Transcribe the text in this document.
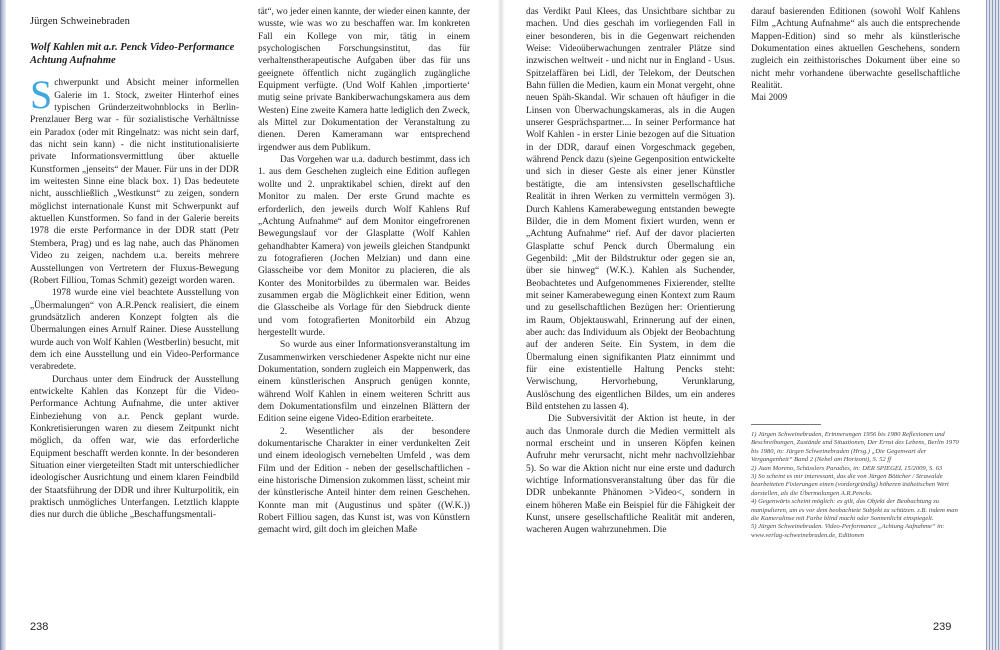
Jürgen Schweinebraden

Wolf Kahlen mit a.r. Penck Video-Performance Achtung Aufnahme

Schwerpunkt und Absicht meiner informellen Galerie im 1. Stock, zweiter Hinterhof eines typischen Gründerzeitwohnblocks in Berlin-Prenzlauer Berg war - für sozialistische Verhältnisse ein Paradox (oder mit Ringelnatz: was nicht sein darf, das nicht sein kann) - die nicht institutionalisierte private Informationsvermittlung über aktuelle Kunstformen „jenseits“ der Mauer. Für uns in der DDR im weitesten Sinne eine black box. 1) Das bedeutete nicht, ausschließlich „Westkunst“ zu zeigen, sondern möglichst internationale Kunst mit Schwerpunkt auf aktuellen Kunstformen. So fand in der Galerie bereits 1978 die erste Performance in der DDR statt (Petr Stembera, Prag) und es lag nahe, auch das Phänomen Video zu zeigen, nachdem u.a. bereits mehrere Ausstellungen von Vertretern der Fluxus-Bewegung (Robert Filliou, Tomas Schmit) gezeigt worden waren.

1978 wurde eine viel beachtete Ausstellung von „Übermalungen“ von A.R.Penck realisiert, die einem grundsätzlich anderen Konzept folgten als die Übermalungen eines Arnulf Rainer. Diese Ausstellung wurde auch von Wolf Kahlen (Westberlin) besucht, mit dem ich eine Ausstellung und ein Video-Performance verabredete.

Durchaus unter dem Eindruck der Ausstellung entwickelte Kahlen das Konzept für die Video-Performance Achtung Aufnahme, die unter aktiver Einbeziehung von a.r. Penck geplant wurde. Konkretisierungen waren zu diesem Zeitpunkt nicht möglich, da offen war, wie das erforderliche Equipment beschafft werden konnte. In der besonderen Situation einer viergeteilten Stadt mit unterschiedlicher ideologischer Ausrichtung und einem klaren Feindbild der Staatsführung der DDR und ihrer Kulturpolitik, ein praktisch unmögliches Unterfangen. Letztlich klappte dies nur durch die übliche „Beschaffungsmentali-

tät“, wo jeder einen kannte, der wieder einen kannte, der wusste, wie was wo zu beschaffen war. Im konkreten Fall ein Kollege von mir, tätig in einem psychologischen Forschungsinstitut, das für verhaltenstherapeutische Aufgaben über das für uns geeignete öffentlich nicht zugänglich zugängliche Equipment verfügte. (Und Wolf Kahlen ‚importierte‘ mutig seine private Bankiberwachungskamera aus dem Westen) Eine zweite Kamera hatte lediglich den Zweck, als Mittel zur Dokumentation der Veranstaltung zu dienen. Deren Kameramann war entsprechend irgendwer aus dem Publikum.

Das Vorgehen war u.a. dadurch bestimmt, dass ich 1. aus dem Geschehen zugleich eine Edition auflegen wollte und 2. unpraktikabel schien, direkt auf den Monitor zu malen. Der erste Grund machte es erforderlich, den jeweils durch Wolf Kahlens Ruf „Achtung Aufnahme“ auf dem Monitor eingefrorenen Bewegungslauf vor der Glasplatte (Wolf Kahlen gehandhabter Kamera) von jeweils gleichen Standpunkt zu fotografieren (Jochen Melzian) und dann eine Glasscheibe vor dem Monitor zu placieren, die als Konter des Monitorbildes zu übermalen war. Beides zusammen ergab die Möglichkeit einer Edition, wenn die Glasscheibe als Vorlage für den Siebdruck diente und vom fotografierten Monitorbild ein Abzug hergestellt wurde.

So wurde aus einer Informationsveranstaltung im Zusammenwirken verschiedener Aspekte nicht nur eine Dokumentation, sondern zugleich ein Mappenwerk, das einem künstlerischen Anspruch genügen konnte, während Wolf Kahlen in einem weiteren Schritt aus dem Dokumentationsfilm und einzelnen Blättern der Edition seine eigene Video-Edition erarbeitete.

2. Wesentlicher als der besondere dokumentarische Charakter in einer verdunkelten Zeit und einem ideologisch vernebelten Umfeld , was dem Film und der Edition - neben der gesellschaftlichen - eine historische Dimension zukommen lässt, scheint mir der künstlerische Anteil hinter dem reinen Geschehen. Konnte man mit (Augustinus und später ((W.K.)) Robert Filliou sagen, das Kunst ist, was von Künstlern gemacht wird, gilt doch im gleichen Maße

238

das Verdikt Paul Klees, das Unsichtbare sichtbar zu machen. Und dies geschah im vorliegenden Fall in einer besonderen, bis in die Gegenwart reichenden Weise: Videoüberwachungen zentraler Plätze sind inzwischen weltweit - und nicht nur in England - Usus. Spitzelaffären bei Lidl, der Telekom, der Deutschen Bahn füllen die Medien, kaum ein Monat vergeht, ohne neuen Späh-Skandal. Wir schauen oft häufiger in die Linsen von Überwachungskameras, als in die Augen unserer Gesprächspartner.... In seiner Performance hat Wolf Kahlen - in erster Linie bezogen auf die Situation in der DDR, darauf einen Vorgeschmack gegeben, während Penck dazu (s)eine Gegenposition entwickelte und sich in dieser Geste als einer jener Künstler bestätigte, die am intensivsten gesellschaftliche Realität in ihren Werken zu vermitteln vermögen 3). Durch Kahlens Kamerabewegung entstanden bewegte Bilder, die in dem Moment fixiert wurden, wenn er „Achtung Aufnahme“ rief. Auf der davor placierten Glasplatte schuf Penck durch Übermalung ein Gegenbild: „Mit der Bildstruktur oder gegen sie an, über sie hinweg“ (W.K.). Kahlen als Suchender, Beobachtetes und Aufgenommenes Fixierender, stellte mit seiner Kamerabewegung einen Kontext zum Raum und zu gesellschaftlichen Bezügen her: Orientierung im Raum, Objektauswahl, Erinnerung auf der einen, aber auch: das Individuum als Objekt der Beobachtung auf der anderen Seite. Ein System, in dem die Übermalung einen signifikanten Platz einnimmt und für eine existentielle Haltung Pencks steht: Verwischung, Hervorhebung, Verunklarung, Auslöschung des eigentlichen Bildes, um ein anderes Bild entstehen zu lassen 4).

Die Subversivität der Aktion ist heute, in der auch das Unmorale durch die Medien vermittelt als normal erscheint und in unseren Köpfen keinen Aufruhr mehr verursacht, nicht mehr nachvollziehbar 5). So war die Aktion nicht nur eine erste und dadurch wichtige Informationsveranstaltung über das für die DDR unbekannte Phänomen >Video<, sondern in einem höheren Maße ein Beispiel für die Fähigkeit der Kunst, unsere gesellschaftliche Realität mit anderen, wacheren Augen wahrzunehmen. Die

darauf basierenden Editionen (sowohl Wolf Kahlens Film „Achtung Aufnahme“ als auch die entsprechende Mappen-Edition) sind so mehr als künstlerische Dokumentation eines aktuellen Geschehens, sondern zugleich ein zeithistorisches Dokument über eine so nicht mehr vorhandene überwachte gesellschaftliche Realität.

Mai 2009

1) Jürgen Schweinebraden, Erinnerungen 1956 bis 1980 Reflexionen und Beschreibungen, Zustände und Situationen, Der Ernst des Lebens, Berlin 1970 bis 1980, in: Jürgen Schweinebraden (Hrsg.) „Die Gegenwart der Vergangenheit“ Band 2 (Nebel am Horizont), S. 52 ff

2) Juan Moreno, Schüsslers Paradies, in: DER SPIEGEL 15/2009, S. 63

3) So scheint es mir interessant, das die von Jürgen Böttcher / Strawalde bearbeiteten Fixierungen einen (vordergründig) höheren ästhetischen Wert darstellen, als die Übermalungen A.R.Pencks.

4) Gegenwärts scheint möglich: es gilt, das Objekt der Beobachtung zu manipulieren, um es vor dem beobachtete Subjekt zu schützen. z.B. indem man die Kameralinse mit Farbe blind macht oder Sonnenlicht einspiegelt.

5) Jürgen Schweinebraden. Video-Performance „Achtung Aufnahme“ in: www.verlag-schweinebraden.de, Editionen

239
